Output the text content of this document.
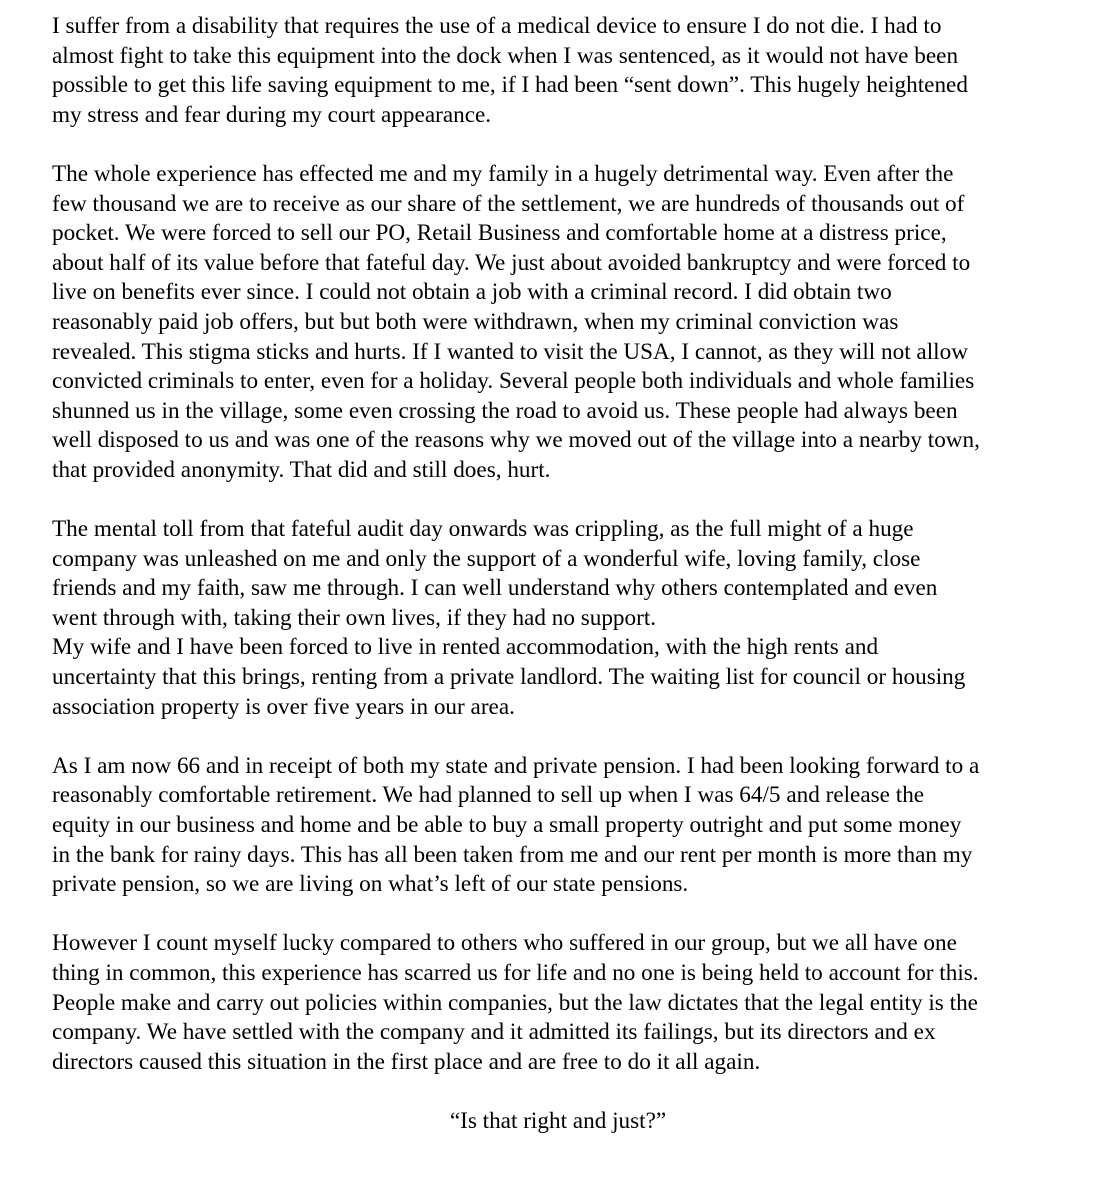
I suffer from a disability that requires the use of a medical device to ensure I do not die. I had to

almost fight to take this equipment into the dock when I was sentenced, as it would not have been

possible to get this life saving equipment to me, if I had been “sent down”. This hugely heightened

my stress and fear during my court appearance.

The whole experience has effected me and my family in a hugely detrimental way. Even after the

few thousand we are to receive as our share of the settlement, we are hundreds of thousands out of

pocket. We were forced to sell our PO, Retail Business and comfortable home at a distress price,

about half of its value before that fateful day. We just about avoided bankruptcy and were forced to

live on benefits ever since. I could not obtain a job with a criminal record. I did obtain two

reasonably paid job offers, but but both were withdrawn, when my criminal conviction was

revealed. This stigma sticks and hurts. If I wanted to visit the USA, I cannot, as they will not allow

convicted criminals to enter, even for a holiday. Several people both individuals and whole families

shunned us in the village, some even crossing the road to avoid us. These people had always been

well disposed to us and was one of the reasons why we moved out of the village into a nearby town,

that provided anonymity. That did and still does, hurt.

The mental toll from that fateful audit day onwards was crippling, as the full might of a huge

company was unleashed on me and only the support of a wonderful wife, loving family, close

friends and my faith, saw me through. I can well understand why others contemplated and even

went through with, taking their own lives, if they had no support.

My wife and I have been forced to live in rented accommodation, with the high rents and

uncertainty that this brings, renting from a private landlord. The waiting list for council or housing

association property is over five years in our area.

As I am now 66 and in receipt of both my state and private pension. I had been looking forward to a

reasonably comfortable retirement. We had planned to sell up when I was 64/5 and release the

equity in our business and home and be able to buy a small property outright and put some money

in the bank for rainy days. This has all been taken from me and our rent per month is more than my

private pension, so we are living on what’s left of our state pensions.

However I count myself lucky compared to others who suffered in our group, but we all have one

thing in common, this experience has scarred us for life and no one is being held to account for this.

People make and carry out policies within companies, but the law dictates that the legal entity is the

company. We have settled with the company and it admitted its failings, but its directors and ex

directors caused this situation in the first place and are free to do it all again.

“Is that right and just?”
